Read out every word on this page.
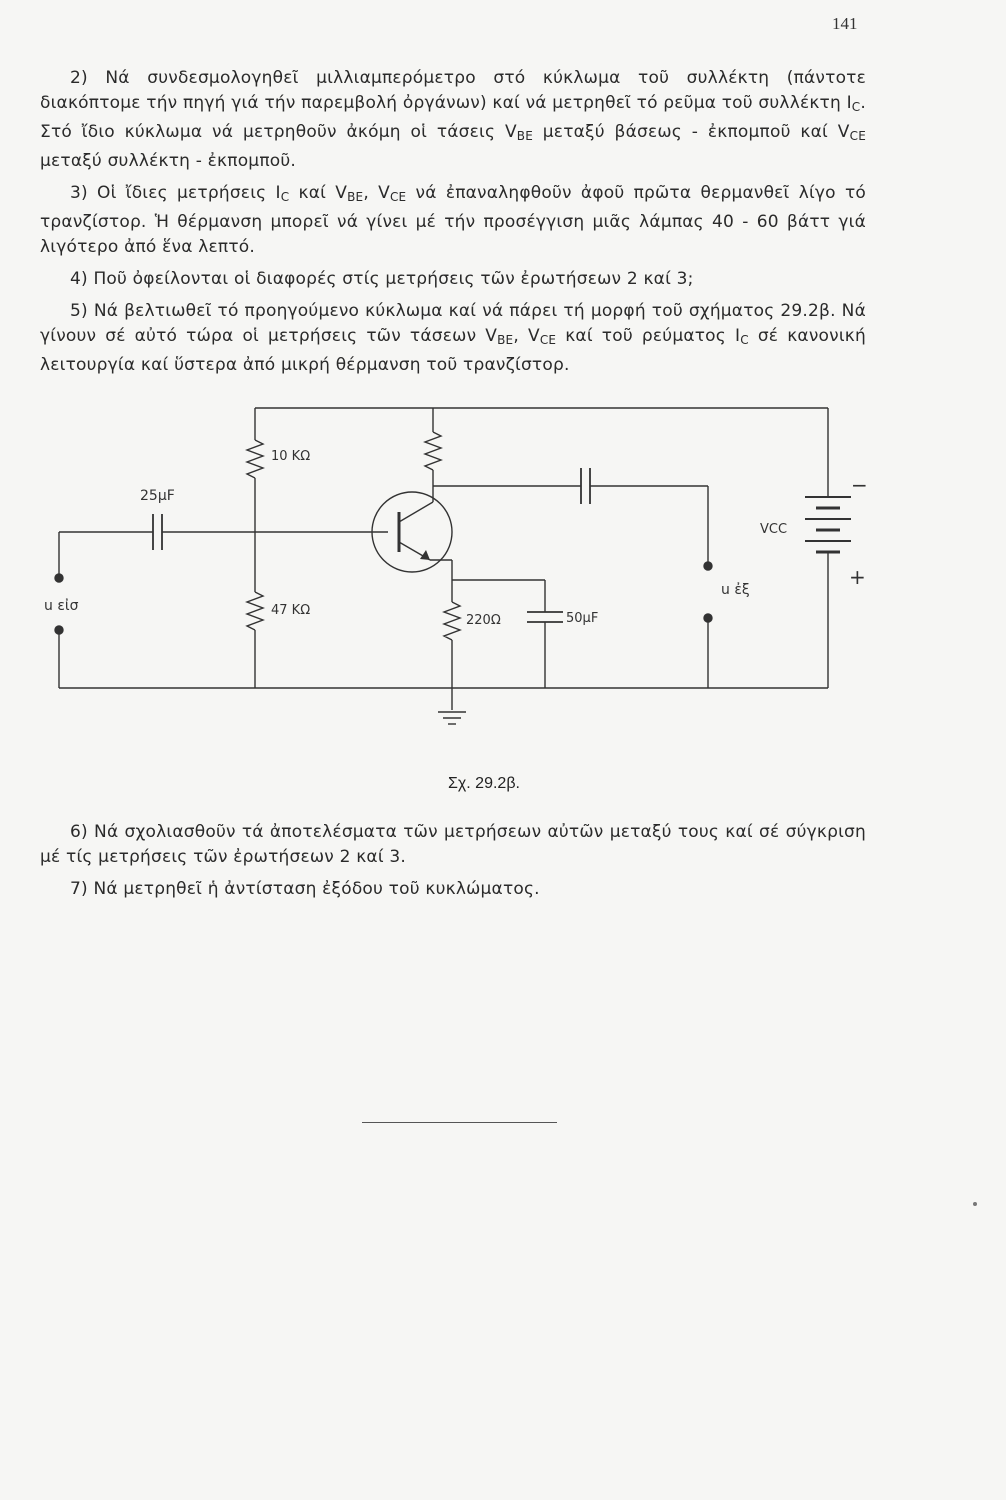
141

2) Νά συνδεσμολογηθεῖ μιλλιαμπερόμετρο στό κύκλωμα τοῦ συλλέκτη (πάντοτε διακόπτομε τήν πηγή γιά τήν παρεμβολή ὀργάνων) καί νά μετρηθεῖ τό ρεῦμα τοῦ συλλέκτη $I_C$. Στό ἴδιο κύκλωμα νά μετρηθοῦν ἀκόμη οἱ τάσεις $V_{BE}$ μεταξύ βάσεως - ἐκπομποῦ καί $V_{CE}$ μεταξύ συλλέκτη - ἐκπομποῦ.

3) Οἱ ἴδιες μετρήσεις $I_C$ καί $V_{BE}$, $V_{CE}$ νά ἐπαναληφθοῦν ἀφοῦ πρῶτα θερμανθεῖ λίγο τό τρανζίστορ. Ἡ θέρμανση μπορεῖ νά γίνει μέ τήν προσέγγιση μιᾶς λάμπας 40 - 60 βάττ γιά λιγότερο ἀπό ἕνα λεπτό.

4) Ποῦ ὀφείλονται οἱ διαφορές στίς μετρήσεις τῶν ἐρωτήσεων 2 καί 3;

5) Νά βελτιωθεῖ τό προηγούμενο κύκλωμα καί νά πάρει τή μορφή τοῦ σχήματος 29.2β. Νά γίνουν σέ αὐτό τώρα οἱ μετρήσεις τῶν τάσεων $V_{BE}$, $V_{CE}$ καί τοῦ ρεύματος $I_C$ σέ κανονική λειτουργία καί ὕστερα ἀπό μικρή θέρμανση τοῦ τρανζίστορ.

10 KΩ
25μF
47 KΩ
220Ω	50μF
u εἰσ
u ἐξ
VCC
−
+
Σχ. 29.2β.

6) Νά σχολιασθοῦν τά ἀποτελέσματα τῶν μετρήσεων αὐτῶν μεταξύ τους καί σέ σύγκριση μέ τίς μετρήσεις τῶν ἐρωτήσεων 2 καί 3.

7) Νά μετρηθεῖ ἡ ἀντίσταση ἐξόδου τοῦ κυκλώματος.
